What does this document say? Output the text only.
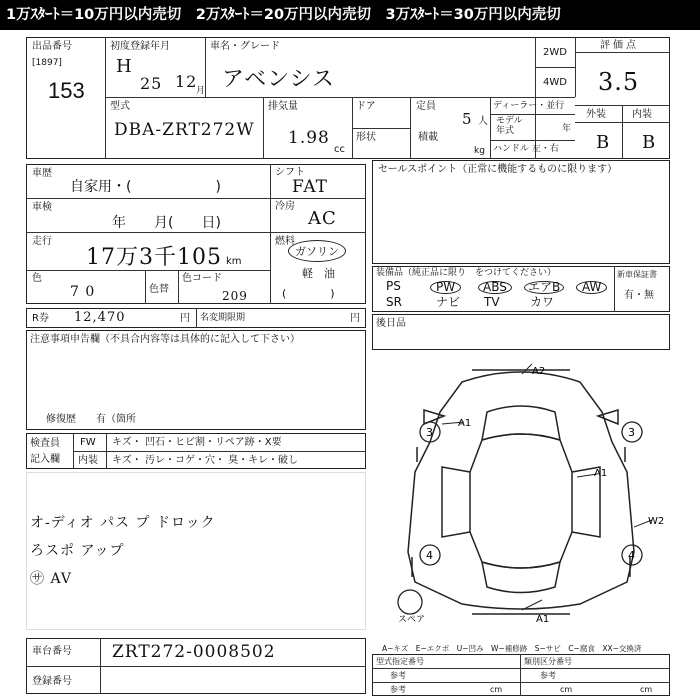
1万ｽﾀｰﾄ＝10万円以内売切　2万ｽﾀｰﾄ＝20万円以内売切　3万ｽﾀｰﾄ＝30万円以内売切
出品番号
[1897]
153
初度登録年月
H
25 12
月
車名・グレード
アベンシス
2WD
4WD
評価点
3.5
外装	内装
B B
型式
DBA-ZRT272W
排気量
1.98
cc
ドア
形状
定員
5 人
積載
kg
ディーラー・並行
モデル
年式	年
ハンドル 左・右
車歴
自家用・(　　　　　　)
車検
年　　月(　　日)
走行
17万3千105 km
色
7 0	色替
色コード
209
シフト
FAT
冷房
AC
燃料
ガソリン
軽　油
(　　　　)
セールスポイント（正常に機能するものに限ります）
装備品（純正品に限り　をつけてください）	新車保証書
有・無
PS	PW	ABS	エアB	AW
SR	ナビ TV	カワ
R券 12,470	円 名変期限期	円
注意事項申告欄（不具合内容等は具体的に記入して下さい）
修復歴　　有（箇所
後日品
検査員
記入欄
FW キズ・ 凹石・ヒビ割・リペア跡・X要
内装 キズ・ 汚レ・コゲ・穴・ 臭・キレ・破し
オ-ディオ パス プ ドロック
ろスポ アップ
㋚ AV
A2
A1
A1
W2
A1
3	3
4	4
スペア
車台番号 ZRT272-0008502
登録番号
A−キズ　E−エクボ　U−凹み　W−補修跡　S−サビ　C−腐食　XX−交換済
型式指定番号	類別区分番号
参考	参考
参考	cm	cm	cm
